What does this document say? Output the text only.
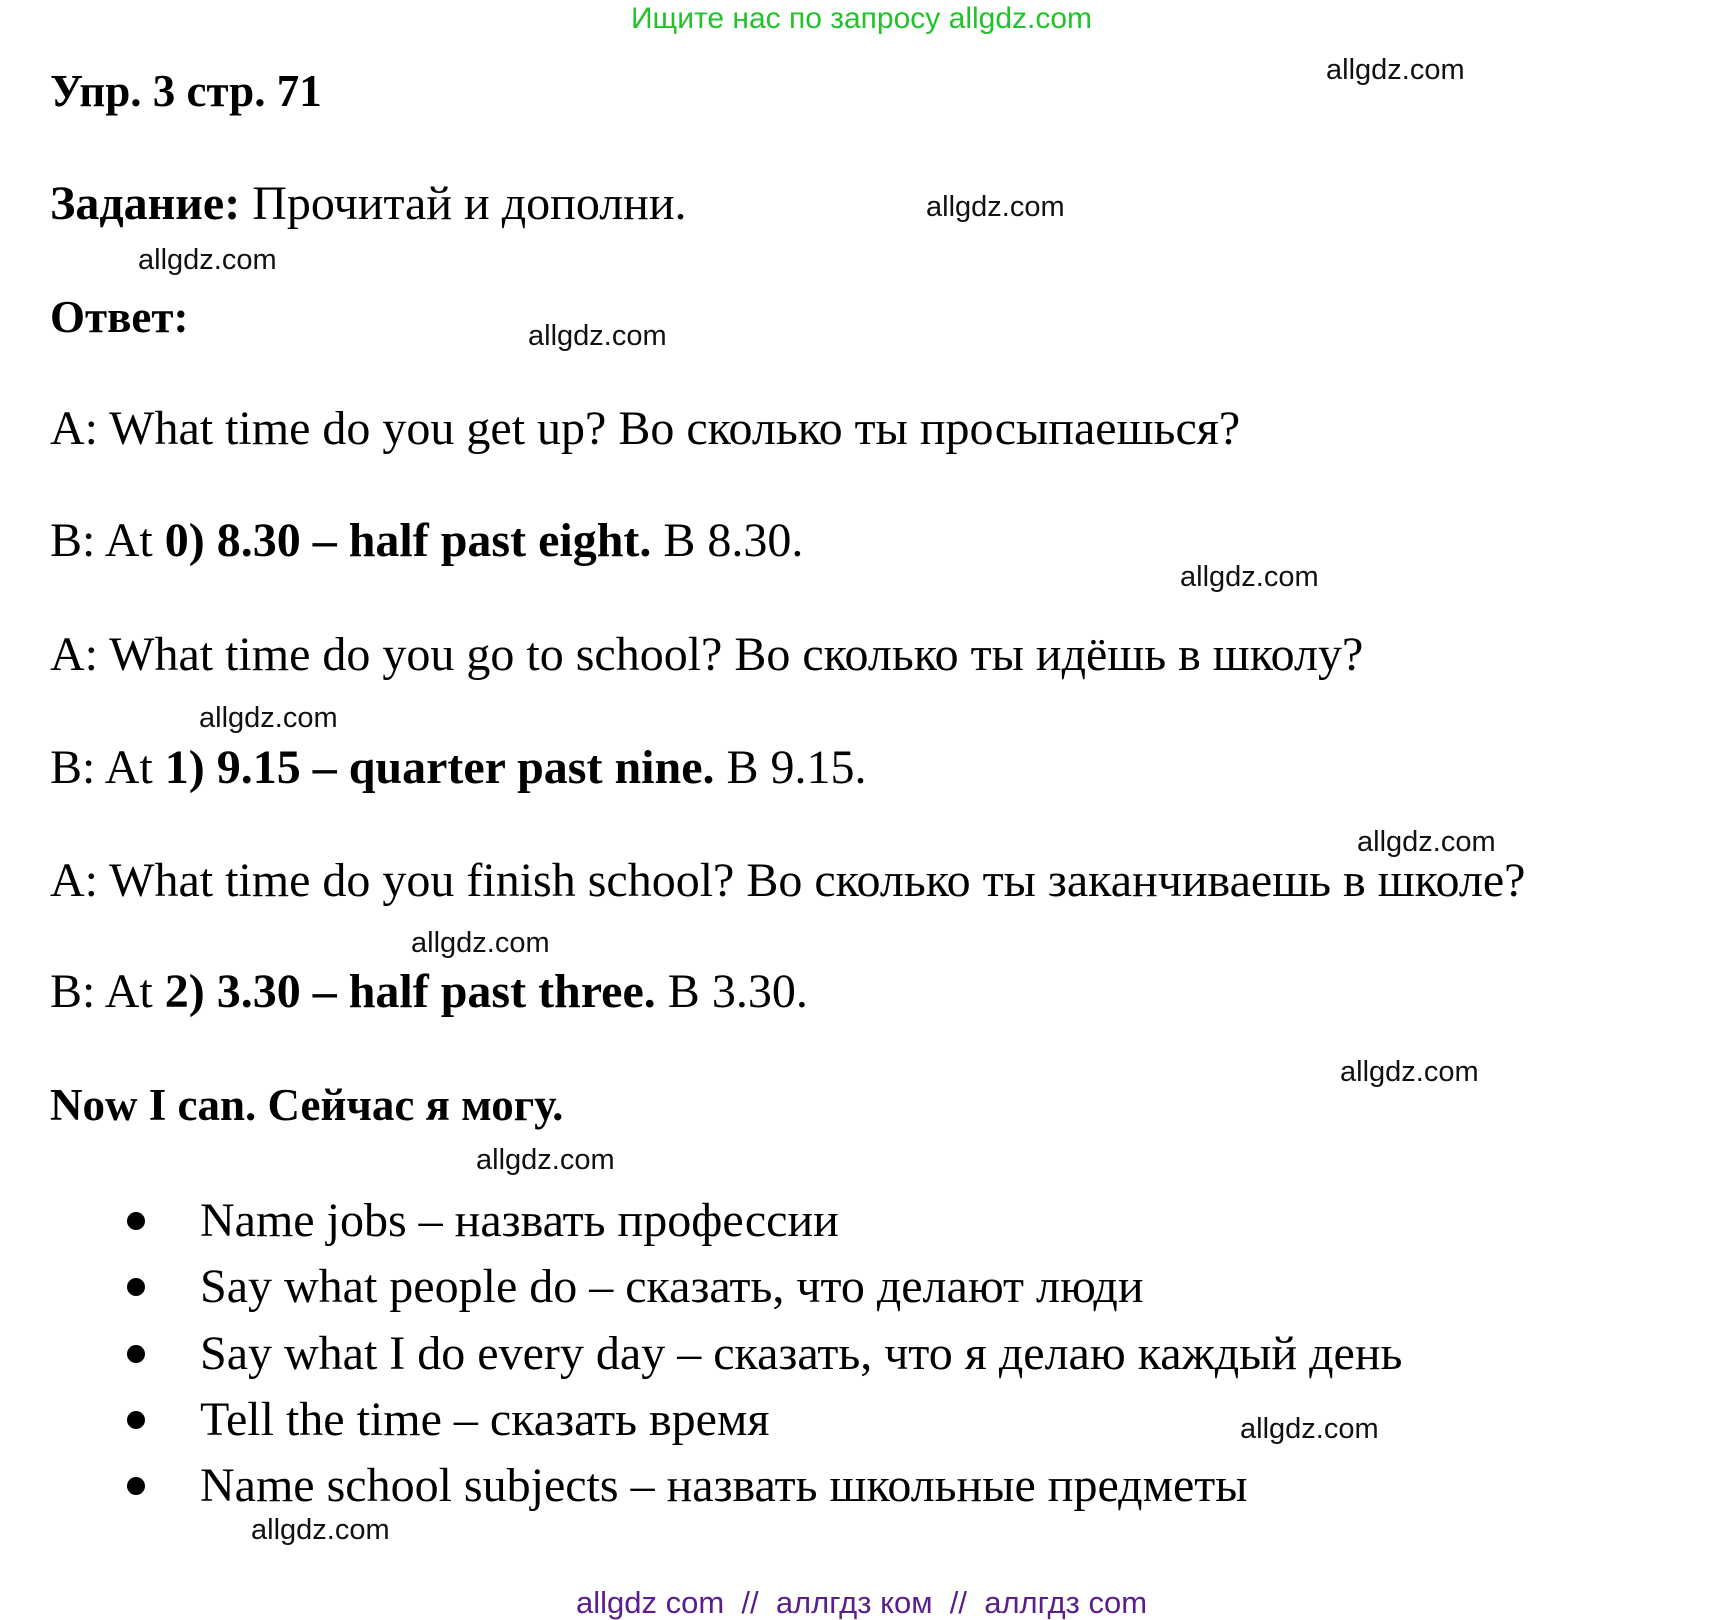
Ищите нас по запросу allgdz.com
Упр. 3 стр. 71
Задание: Прочитай и дополни.
Ответ:
A: What time do you get up? Во сколько ты просыпаешься?
B: At 0) 8.30 – half past eight. В 8.30.
A: What time do you go to school? Во сколько ты идёшь в школу?
B: At 1) 9.15 – quarter past nine. В 9.15.
A: What time do you finish school? Во сколько ты заканчиваешь в школе?
B: At 2) 3.30 – half past three. В 3.30.
Now I can. Сейчас я могу.
Name jobs – назвать профессии
Say what people do – сказать, что делают люди
Say what I do every day – сказать, что я делаю каждый день
Tell the time – сказать время
Name school subjects – назвать школьные предметы
allgdz.com
allgdz.com
allgdz.com
allgdz.com
allgdz.com
allgdz.com
allgdz.com
allgdz.com
allgdz.com
allgdz.com
allgdz.com
allgdz.com
allgdz com  //  аллгдз ком  //  аллгдз com
